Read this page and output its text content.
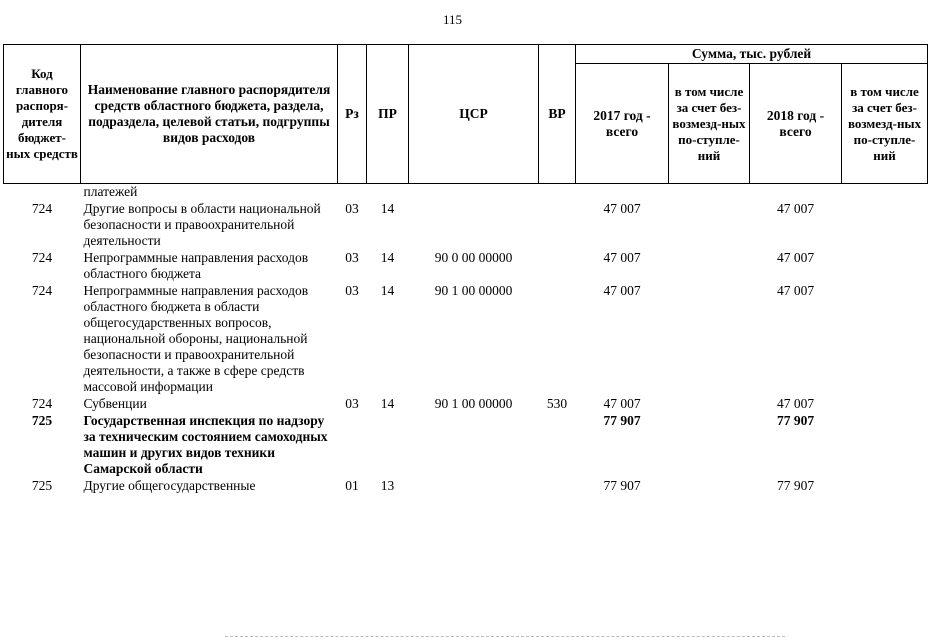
115
Код главного распоря-дителя бюджет-ных средств	Наименование главного распорядителя средств областного бюджета, раздела, подраздела, целевой статьи, подгруппы видов расходов	Рз	ПР	ЦСР	ВР	Сумма, тыс. рублей			
						2017 год - всего	в том числе за счет без-возмезд-ных по-ступле-ний	2018 год - всего	в том числе за счет без-возмезд-ных по-ступле-ний
	платежей								
724	Другие вопросы в области национальной безопасности и правоохранительной деятельности	03	14			47 007		47 007	
724	Непрограммные направления расходов областного бюджета	03	14	90 0 00 00000		47 007		47 007	
724	Непрограммные направления расходов областного бюджета в области общегосударственных вопросов, национальной обороны, национальной безопасности и правоохранительной деятельности, а также в сфере средств массовой информации	03	14	90 1 00 00000		47 007		47 007	
724	Субвенции	03	14	90 1 00 00000	530	47 007		47 007	
725	Государственная инспекция по надзору за техническим состоянием самоходных машин и других видов техники Самарской области					77 907		77 907	
725	Другие общегосударственные	01	13			77 907		77 907	
